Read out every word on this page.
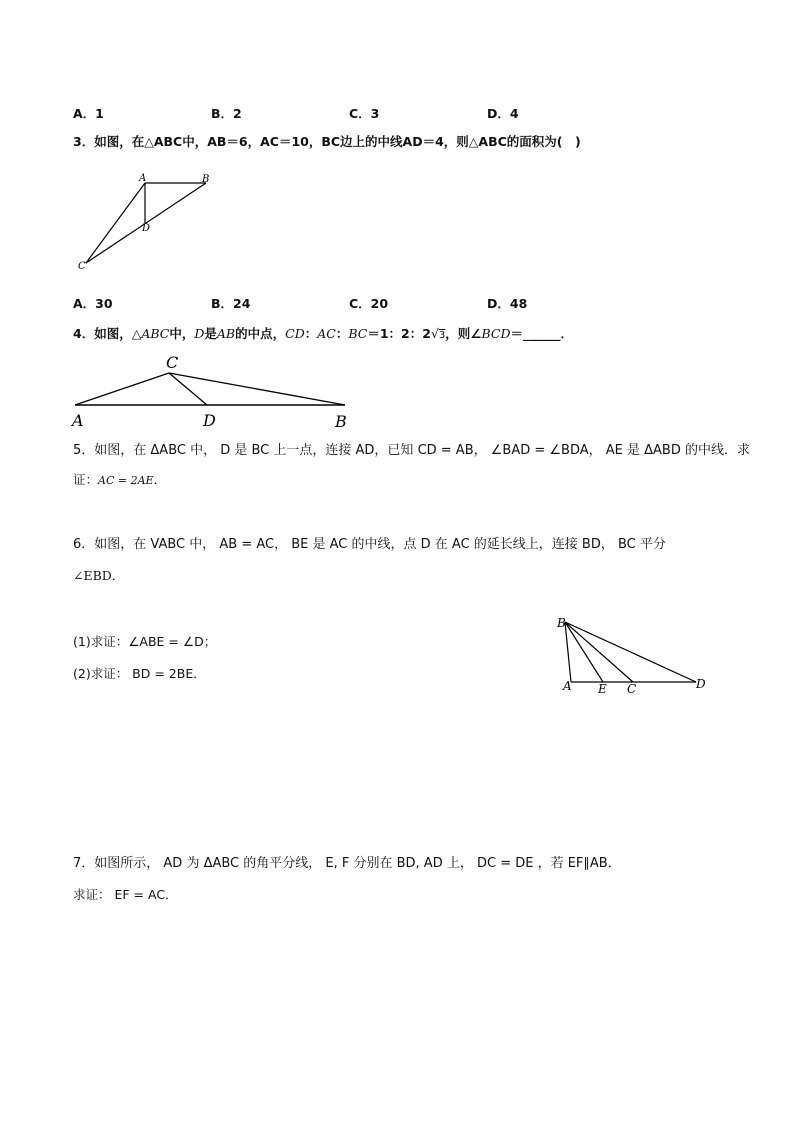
A．1	B．2	C．3	D．4
3．如图，在△ABC中，AB＝6，AC＝10，BC边上的中线AD＝4，则△ABC的面积为(　)
A	B
D
C
A．30	B．24	C．20	D．48
4．如图，△ABC中，D是AB的中点，CD：AC：BC＝1：2：2√3，则∠BCD＝______．
C
A	D	B
5．如图，在 ΔABC 中， D 是 BC 上一点，连接 AD，已知 CD = AB， ∠BAD = ∠BDA， AE 是 ΔABD 的中线．求
证：AC = 2AE．
6．如图，在 VABC 中， AB = AC， BE 是 AC 的中线，点 D 在 AC 的延长线上，连接 BD， BC 平分
∠EBD．
(1)求证：∠ABE = ∠D；
(2)求证： BD = 2BE．
B
A E C	D
7．如图所示， AD 为 ΔABC 的角平分线， E, F 分别在 BD, AD 上， DC = DE ，若 EF∥AB．
求证： EF = AC．
